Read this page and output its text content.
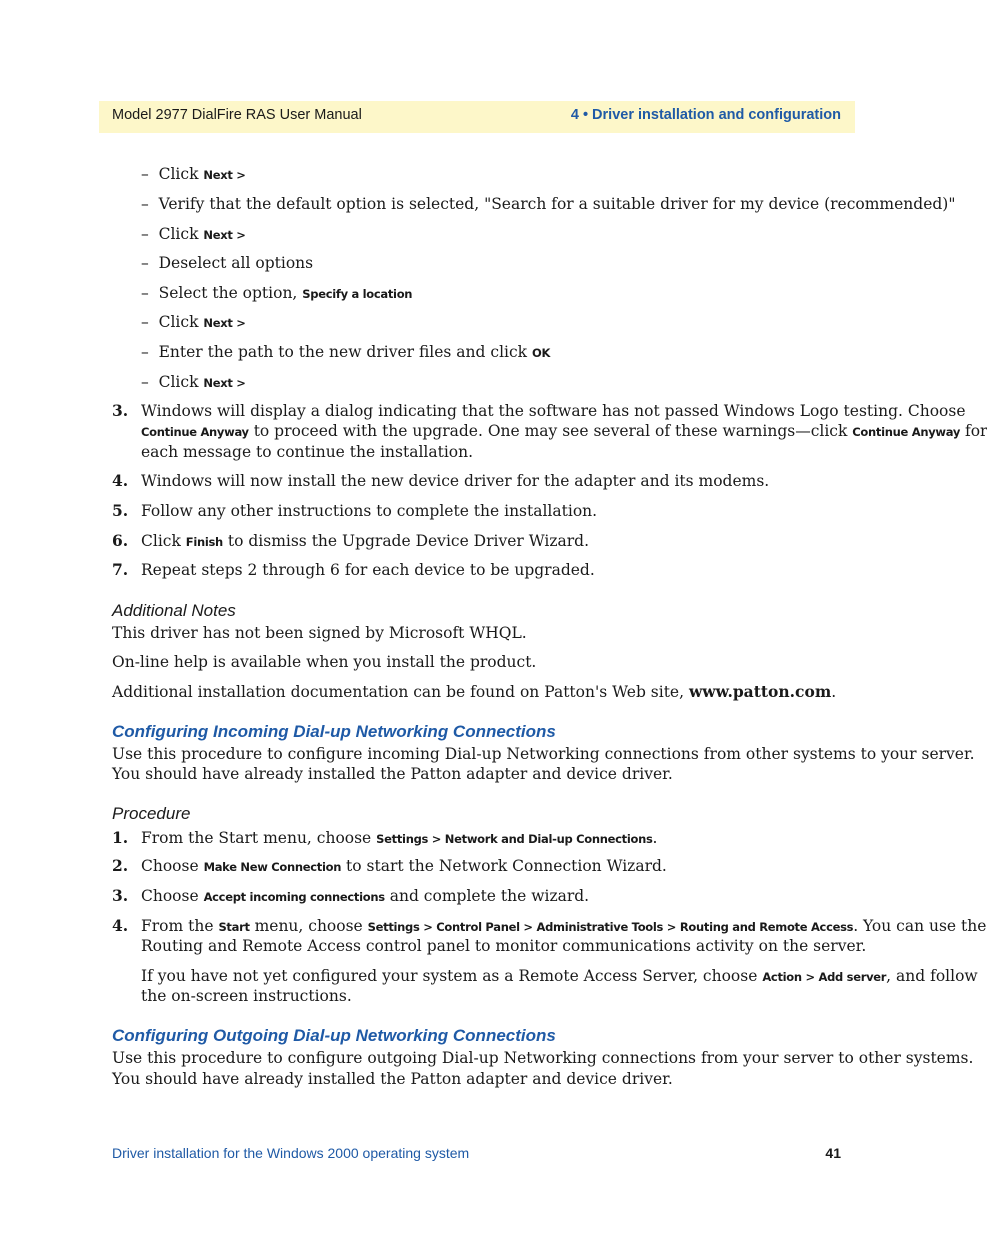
Model 2977 DialFire RAS User Manual	4 • Driver installation and configuration
– Click Next >
– Verify that the default option is selected, "Search for a suitable driver for my device (recommended)"
– Click Next >
– Deselect all options
– Select the option, Specify a location
– Click Next >
– Enter the path to the new driver files and click OK
– Click Next >
3. Windows will display a dialog indicating that the software has not passed Windows Logo testing. Choose
Continue Anyway to proceed with the upgrade. One may see several of these warnings—click Continue Anyway for
each message to continue the installation.
4. Windows will now install the new device driver for the adapter and its modems.
5. Follow any other instructions to complete the installation.
6. Click Finish to dismiss the Upgrade Device Driver Wizard.
7. Repeat steps 2 through 6 for each device to be upgraded.
Additional Notes
This driver has not been signed by Microsoft WHQL.
On-line help is available when you install the product.
Additional installation documentation can be found on Patton's Web site, www.patton.com.
Configuring Incoming Dial-up Networking Connections
Use this procedure to configure incoming Dial-up Networking connections from other systems to your server.
You should have already installed the Patton adapter and device driver.
Procedure
1. From the Start menu, choose Settings > Network and Dial-up Connections.
2. Choose Make New Connection to start the Network Connection Wizard.
3. Choose Accept incoming connections and complete the wizard.
4. From the Start menu, choose Settings > Control Panel > Administrative Tools > Routing and Remote Access. You can use the
Routing and Remote Access control panel to monitor communications activity on the server.
If you have not yet configured your system as a Remote Access Server, choose Action > Add server, and follow
the on-screen instructions.
Configuring Outgoing Dial-up Networking Connections
Use this procedure to configure outgoing Dial-up Networking connections from your server to other systems.
You should have already installed the Patton adapter and device driver.
Driver installation for the Windows 2000 operating system	41
